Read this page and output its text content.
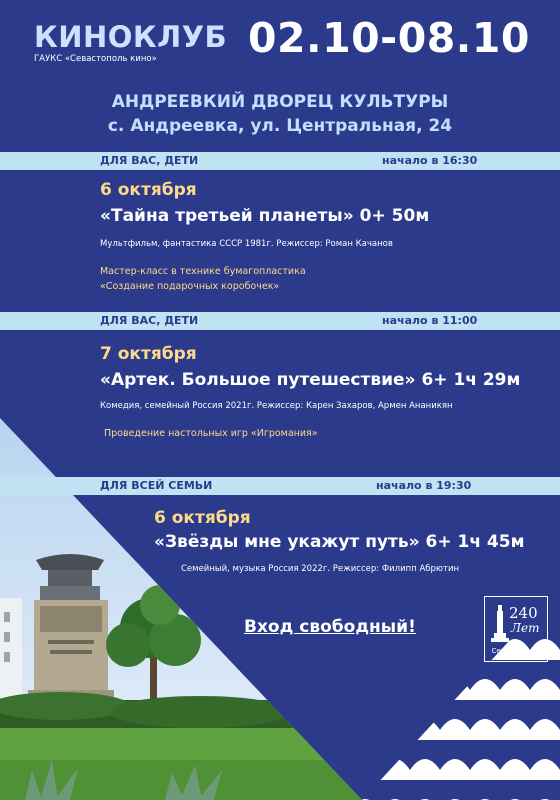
КИНОКЛУБ
ГАУКС «Севастополь кино» 02.10-08.10
АНДРЕЕВКИЙ ДВОРЕЦ КУЛЬТУРЫ
с. Андреевка, ул. Центральная, 24
ДЛЯ ВАС, ДЕТИ	начало в 16:30
6 октября
«Тайна третьей планеты» 0+ 50м
Мультфильм, фантастика СССР 1981г. Режиссер: Роман Качанов
Мастер-класс в технике бумагопластика
«Создание подарочных коробочек»
ДЛЯ ВАС, ДЕТИ	начало в 11:00
7 октября
«Артек. Большое путешествие» 6+ 1ч 29м
Комедия, семейный Россия 2021г. Режиссер: Карен Захаров, Армен Ананикян
Проведение настольных игр «Игромания»
ДЛЯ ВСЕЙ СЕМЬИ	начало в 19:30
6 октября
«Звёзды мне укажут путь» 6+ 1ч 45м
Семейный, музыка Россия 2022г. Режиссер: Филипп Абрютин
Вход свободный!
240
Лет
Севастополю
